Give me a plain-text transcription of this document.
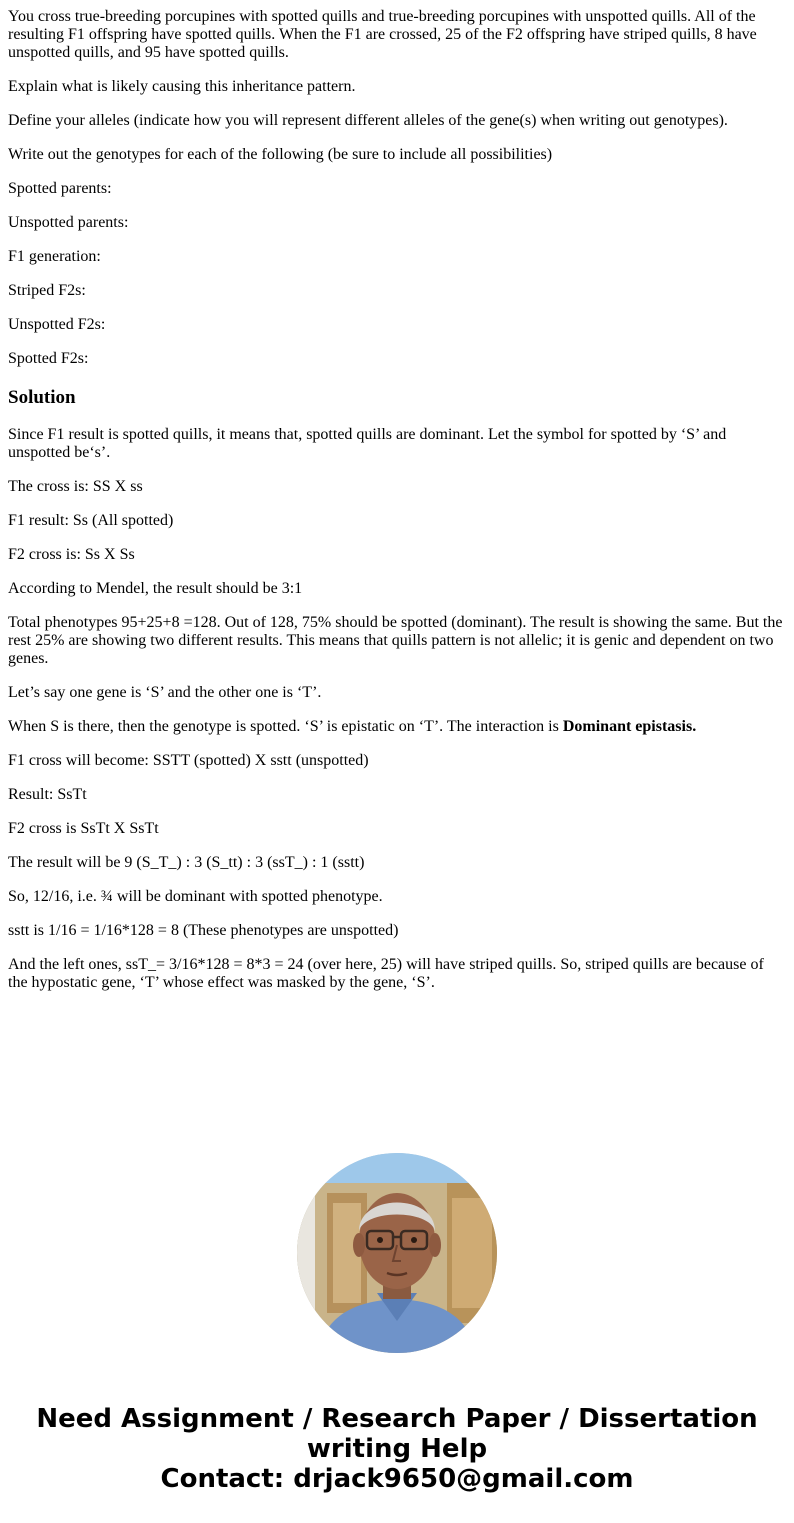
You cross true-breeding porcupines with spotted quills and true-breeding porcupines with unspotted quills. All of the resulting F1 offspring have spotted quills. When the F1 are crossed, 25 of the F2 offspring have striped quills, 8 have unspotted quills, and 95 have spotted quills.

Explain what is likely causing this inheritance pattern.

Define your alleles (indicate how you will represent different alleles of the gene(s) when writing out genotypes).

Write out the genotypes for each of the following (be sure to include all possibilities)

Spotted parents:

Unspotted parents:

F1 generation:

Striped F2s:

Unspotted F2s:

Spotted F2s:

Solution

Since F1 result is spotted quills, it means that, spotted quills are dominant. Let the symbol for spotted by ‘S’ and unspotted be‘s’.

The cross is: SS X ss

F1 result: Ss (All spotted)

F2 cross is: Ss X Ss

According to Mendel, the result should be 3:1

Total phenotypes 95+25+8 =128. Out of 128, 75% should be spotted (dominant). The result is showing the same. But the rest 25% are showing two different results. This means that quills pattern is not allelic; it is genic and dependent on two genes.

Let’s say one gene is ‘S’ and the other one is ‘T’.

When S is there, then the genotype is spotted. ‘S’ is epistatic on ‘T’. The interaction is Dominant epistasis.

F1 cross will become: SSTT (spotted) X sstt (unspotted)

Result: SsTt

F2 cross is SsTt X SsTt

The result will be 9 (S_T_) : 3 (S_tt) : 3 (ssT_) : 1 (sstt)

So, 12/16, i.e. ¾ will be dominant with spotted phenotype.

sstt is 1/16 = 1/16*128 = 8 (These phenotypes are unspotted)

And the left ones, ssT_= 3/16*128 = 8*3 = 24 (over here, 25) will have striped quills. So, striped quills are because of the hypostatic gene, ‘T’ whose effect was masked by the gene, ‘S’.

Need Assignment / Research Paper / Dissertation
writing Help
Contact: drjack9650@gmail.com
